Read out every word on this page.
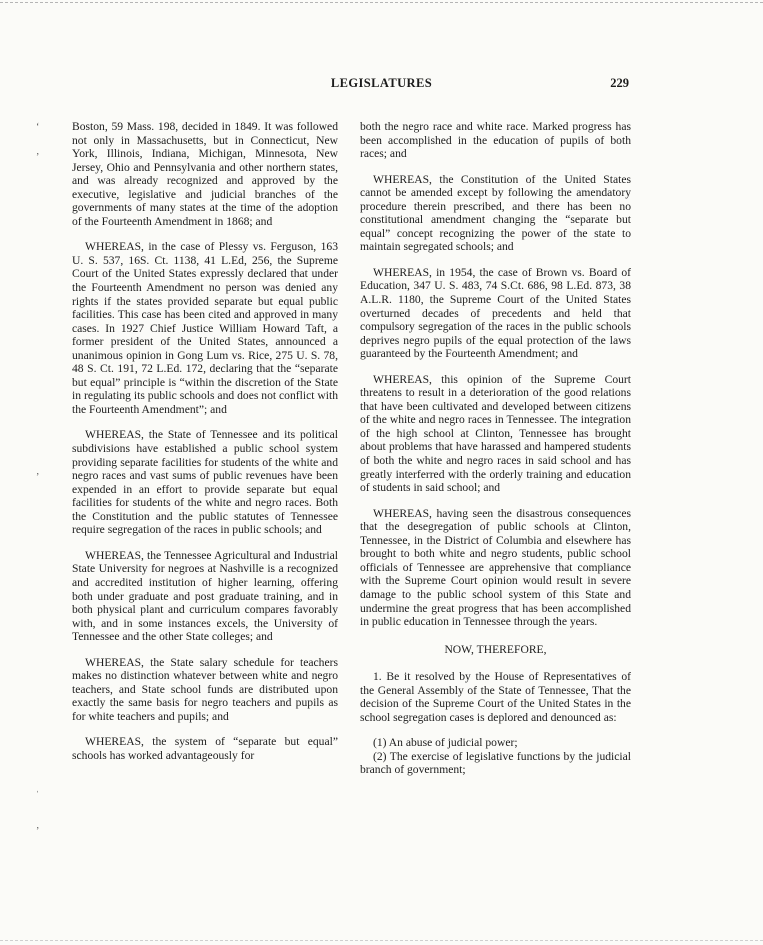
LEGISLATURES	229
ʻ
ʼ
ʼ
ˈ
ʼ

Boston, 59 Mass. 198, decided in 1849. It was followed not only in Massachusetts, but in Connecticut, New York, Illinois, Indiana, Michigan, Minnesota, New Jersey, Ohio and Pennsylvania and other northern states, and was already recognized and approved by the executive, legislative and judicial branches of the governments of many states at the time of the adoption of the Fourteenth Amendment in 1868; and

WHEREAS, in the case of Plessy vs. Ferguson, 163 U. S. 537, 16S. Ct. 1138, 41 L.Ed, 256, the Supreme Court of the United States expressly declared that under the Fourteenth Amendment no person was denied any rights if the states provided separate but equal public facilities. This case has been cited and approved in many cases. In 1927 Chief Justice William Howard Taft, a former president of the United States, announced a unanimous opinion in Gong Lum vs. Rice, 275 U. S. 78, 48 S. Ct. 191, 72 L.Ed. 172, declaring that the “separate but equal” principle is “within the discretion of the State in regulating its public schools and does not conflict with the Fourteenth Amendment”; and

WHEREAS, the State of Tennessee and its political subdivisions have established a public school system providing separate facilities for students of the white and negro races and vast sums of public revenues have been expended in an effort to provide separate but equal facilities for students of the white and negro races. Both the Constitution and the public statutes of Tennessee require segregation of the races in public schools; and

WHEREAS, the Tennessee Agricultural and Industrial State University for negroes at Nashville is a recognized and accredited institution of higher learning, offering both under graduate and post graduate training, and in both physical plant and curriculum compares favorably with, and in some instances excels, the University of Tennessee and the other State colleges; and

WHEREAS, the State salary schedule for teachers makes no distinction whatever between white and negro teachers, and State school funds are distributed upon exactly the same basis for negro teachers and pupils as for white teachers and pupils; and

WHEREAS, the system of “separate but equal” schools has worked advantageously for

both the negro race and white race. Marked progress has been accomplished in the education of pupils of both races; and

WHEREAS, the Constitution of the United States cannot be amended except by following the amendatory procedure therein prescribed, and there has been no constitutional amendment changing the “separate but equal” concept recognizing the power of the state to maintain segregated schools; and

WHEREAS, in 1954, the case of Brown vs. Board of Education, 347 U. S. 483, 74 S.Ct. 686, 98 L.Ed. 873, 38 A.L.R. 1180, the Supreme Court of the United States overturned decades of precedents and held that compulsory segregation of the races in the public schools deprives negro pupils of the equal protection of the laws guaranteed by the Fourteenth Amendment; and

WHEREAS, this opinion of the Supreme Court threatens to result in a deterioration of the good relations that have been cultivated and developed between citizens of the white and negro races in Tennessee. The integration of the high school at Clinton, Tennessee has brought about problems that have harassed and hampered students of both the white and negro races in said school and has greatly interferred with the orderly training and education of students in said school; and

WHEREAS, having seen the disastrous consequences that the desegregation of public schools at Clinton, Tennessee, in the District of Columbia and elsewhere has brought to both white and negro students, public school officials of Tennessee are apprehensive that compliance with the Supreme Court opinion would result in severe damage to the public school system of this State and undermine the great progress that has been accomplished in public education in Tennessee through the years.

NOW, THEREFORE,

1. Be it resolved by the House of Representatives of the General Assembly of the State of Tennessee, That the decision of the Supreme Court of the United States in the school segregation cases is deplored and denounced as:

(1) An abuse of judicial power;

(2) The exercise of legislative functions by the judicial branch of government;
